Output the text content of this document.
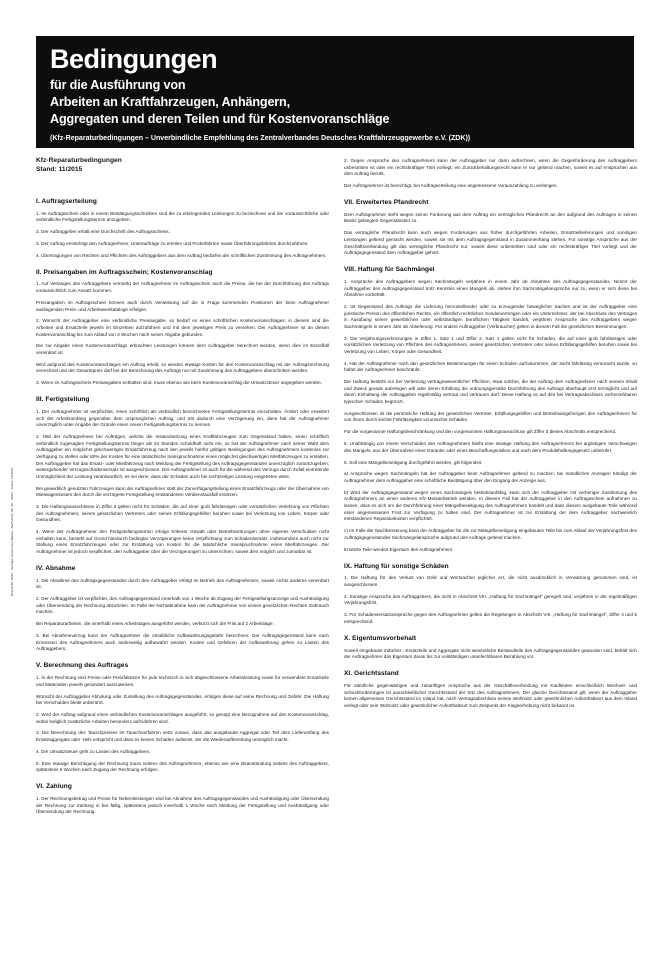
Bestell-Nr. 0084 · Springer Automotive Media · Nachdruck (Bl. 20 · ZDK) · Stand: 12/2015
Bedingungen
für die Ausführung von
Arbeiten an Kraftfahrzeugen, Anhängern,
Aggregaten und deren Teilen und für Kostenvoranschläge
(Kfz-Reparaturbedingungen – Unverbindliche Empfehlung des Zentralverbandes Deutsches Kraftfahrzeuggewerbe e.V. (ZDK))
Kfz-Reparaturbedingungen
Stand: 11/2015
I. Auftragserteilung

1. Im Auftragsschein oder in einem Bestätigungsschreiben sind die zu erbringenden Leistungen zu bezeichnen und der voraussichtliche oder verbindliche Fertigstellungstermin anzugeben.

2. Der Auftraggeber erhält eine Durchschrift des Auftragsscheins.

3. Der Auftrag ermächtigt den Auftragnehmer, Unteraufträge zu erteilen und Probefahrten sowie Überführungsfahrten durchzuführen.

4. Übertragungen von Rechten und Pflichten des Auftraggebers aus dem Auftrag bedürfen der schriftlichen Zustimmung des Auftragnehmers.

II. Preisangaben im Auftragsschein; Kostenvoranschlag

1. Auf Verlangen des Auftraggebers vermerkt der Auftragnehmer im Auftragsschein auch die Preise, die bei der Durchführung des Auftrags voraussichtlich zum Ansatz kommen.

Preisangaben im Auftragsschein können auch durch Verweisung auf die in Frage kommenden Positionen der beim Auftragnehmer ausliegenden Preis- und Arbeitswertkataloge erfolgen.

2. Wünscht der Auftraggeber eine verbindliche Preisangabe, so bedarf es eines schriftlichen Kostenvoranschlages; in diesem sind die Arbeiten und Ersatzteile jeweils im Einzelnen aufzuführen und mit dem jeweiligen Preis zu versehen. Der Auftragnehmer ist an diesen Kostenvoranschlag bis zum Ablauf von 3 Wochen nach seiner Abgabe gebunden.

Die zur Abgabe eines Kostenvoranschlags erbrachten Leistungen können dem Auftraggeber berechnet werden, wenn dies im Einzelfall vereinbart ist.

Wird aufgrund des Kostenvoranschlages ein Auftrag erteilt, so werden etwaige Kosten für den Kostenvoranschlag mit der Auftragsrechnung verrechnet und der Gesamtpreis darf bei der Berechnung des Auftrags nur mit Zustimmung des Auftraggebers überschritten werden.

3. Wenn im Auftragsschein Preisangaben enthalten sind, muss ebenso wie beim Kostenvoranschlag die Umsatzsteuer angegeben werden.

III. Fertigstellung

1. Der Auftragnehmer ist verpflichtet, einen schriftlich als verbindlich bezeichneten Fertigstellungstermin einzuhalten. Ändert oder erweitert sich der Arbeitsumfang gegenüber dem ursprünglichen Auftrag, und tritt dadurch eine Verzögerung ein, dann hat der Auftragnehmer unverzüglich unter Angabe der Gründe einen neuen Fertigstellungstermin zu nennen.

2. Hält der Auftragnehmer bei Aufträgen, welche die Instandsetzung eines Kraftfahrzeuges zum Gegenstand haben, einen schriftlich verbindlich zugesagten Fertigstellungstermin länger als 24 Stunden schuldhaft nicht ein, so hat der Auftragnehmer nach seiner Wahl dem Auftraggeber ein möglichst gleichwertiges Ersatzfahrzeug nach den jeweils hierfür gültigen Bedingungen des Auftragnehmers kostenlos zur Verfügung zu stellen oder 80% der Kosten für eine tatsächliche Inanspruchnahme eines möglichst gleichwertigen Mietfahrzeuges zu erstatten. Der Auftraggeber hat das Ersatz- oder Mietfahrzeug nach Meldung der Fertigstellung des Auftragsgegenstandes unverzüglich zurückzugeben; weitergehender Verzugsschadensersatz ist ausgeschlossen. Der Auftragnehmer ist auch für die während des Verzugs durch Zufall eintretende Unmöglichkeit der Leistung verantwortlich, es sei denn, dass der Schaden auch bei rechtzeitiger Leistung eingetreten wäre.

Bei gewerblich genutzten Fahrzeugen kann der Auftragnehmer statt der Zurverfügungstellung eines Ersatzfahrzeugs oder der Übernahme von Mietwagenkosten den durch die verzögerte Fertigstellung entstandenen Verdienstausfall ersetzen.

3. Die Haftungsausschlüsse in Ziffer 2 gelten nicht für Schäden, die auf einer grob fahrlässigen oder vorsätzlichen Verletzung von Pflichten des Auftragnehmers, seines gesetzlichen Vertreters oder seines Erfüllungsgehilfen beruhen sowie bei Verletzung von Leben, Körper oder Gesundheit.

4. Wenn der Auftragnehmer den Fertigstellungstermin infolge höherer Gewalt oder Betriebsstörungen ohne eigenes Verschulden nicht einhalten kann, besteht auf Grund hierdurch bedingter Verzögerungen keine Verpflichtung zum Schadensersatz, insbesondere auch nicht zur Stellung eines Ersatzfahrzeuges oder zur Erstattung von Kosten für die tatsächliche Inanspruchnahme eines Mietfahrzeuges. Der Auftragnehmer ist jedoch verpflichtet, den Auftraggeber über die Verzögerungen zu unterrichten, soweit dies möglich und zumutbar ist.

IV. Abnahme

1. Die Abnahme des Auftragsgegenstandes durch den Auftraggeber erfolgt im Betrieb des Auftragnehmers, soweit nichts anderes vereinbart ist.

2. Der Auftraggeber ist verpflichtet, den Auftragsgegenstand innerhalb von 1 Woche ab Zugang der Fertigstellungsanzeige und Aushändigung oder Übersendung der Rechnung abzuholen. Im Falle der Nichtabnahme kann der Auftragnehmer von seinen gesetzlichen Rechten Gebrauch machen.

Bei Reparaturarbeiten, die innerhalb eines Arbeitstages ausgeführt werden, verkürzt sich die Frist auf 2 Arbeitstage.

3. Bei Abnahmeverzug kann der Auftragnehmer die ortsübliche Aufbewahrungsgebühr berechnen. Der Auftragsgegenstand kann nach Ermessen des Auftragnehmers auch anderweitig aufbewahrt werden. Kosten und Gefahren der Aufbewahrung gehen zu Lasten des Auftraggebers.

V. Berechnung des Auftrages

1. In der Rechnung sind Preise oder Preisfaktoren für jede technisch in sich abgeschlossene Arbeitsleistung sowie für verwendete Ersatzteile und Materialien jeweils gesondert auszuweisen.

Wünscht der Auftraggeber Abholung oder Zustellung des Auftragsgegenstandes, erfolgen diese auf seine Rechnung und Gefahr. Die Haftung bei Verschulden bleibt unberührt.

2. Wird der Auftrag aufgrund eines verbindlichen Kostenvoranschlages ausgeführt, so genügt eine Bezugnahme auf den Kostenvoranschlag, wobei lediglich zusätzliche Arbeiten besonders aufzuführen sind.

3. Die Berechnung des Tauschpreises im Tauschverfahren setzt voraus, dass das ausgebaute Aggregat oder Teil dem Lieferumfang des Ersatzaggregats oder -teils entspricht und dass es keinen Schaden aufweist, der die Wiederaufbereitung unmöglich macht.

4. Die Umsatzsteuer geht zu Lasten des Auftraggebers.

5. Eine etwaige Berichtigung der Rechnung muss seitens des Auftragnehmers, ebenso wie eine Beanstandung seitens des Auftraggebers, spätestens 6 Wochen nach Zugang der Rechnung erfolgen.

VI. Zahlung

1. Der Rechnungsbetrag und Preise für Nebenleistungen sind bei Abnahme des Auftragsgegenstandes und Aushändigung oder Übersendung der Rechnung zur Zahlung in bar fällig, spätestens jedoch innerhalb 1 Woche nach Meldung der Fertigstellung und Aushändigung oder Übersendung der Rechnung.

2. Gegen Ansprüche des Auftragnehmers kann der Auftraggeber nur dann aufrechnen, wenn die Gegenforderung des Auftraggebers unbestritten ist oder ein rechtskräftiger Titel vorliegt; ein Zurückbehaltungsrecht kann er nur geltend machen, soweit es auf Ansprüchen aus dem Auftrag beruht.

Der Auftragnehmer ist berechtigt, bei Auftragserteilung eine angemessene Vorauszahlung zu verlangen.

VII. Erweitertes Pfandrecht

Dem Auftragnehmer steht wegen seiner Forderung aus dem Auftrag ein vertragliches Pfandrecht an den aufgrund des Auftrages in seinen Besitz gelangten Gegenständen zu.

Das vertragliche Pfandrecht kann auch wegen Forderungen aus früher durchgeführten Arbeiten, Ersatzteillieferungen und sonstigen Leistungen geltend gemacht werden, soweit sie mit dem Auftragsgegenstand in Zusammenhang stehen. Für sonstige Ansprüche aus der Geschäftsverbindung gilt das vertragliche Pfandrecht nur, soweit diese unbestritten sind oder ein rechtskräftiger Titel vorliegt und der Auftragsgegenstand dem Auftraggeber gehört.

VIII. Haftung für Sachmängel

1. Ansprüche des Auftraggebers wegen Sachmängeln verjähren in einem Jahr ab Abnahme des Auftragsgegenstandes. Nimmt der Auftraggeber den Auftragsgegenstand trotz Kenntnis eines Mangels ab, stehen ihm Sachmängelansprüche nur zu, wenn er sich diese bei Abnahme vorbehält.

2. Ist Gegenstand des Auftrags die Lieferung herzustellender oder zu erzeugender beweglicher Sachen und ist der Auftraggeber eine juristische Person des öffentlichen Rechts, ein öffentlich-rechtliches Sondervermögen oder ein Unternehmer, der bei Abschluss des Vertrages in Ausübung seiner gewerblichen oder selbständigen beruflichen Tätigkeit handelt, verjähren Ansprüche des Auftraggebers wegen Sachmängeln in einem Jahr ab Ablieferung. Für andere Auftraggeber (Verbraucher) gelten in diesem Fall die gesetzlichen Bestimmungen.

3. Die Verjährungsverkürzungen in Ziffer 1, Satz 1 und Ziffer 2, Satz 1 gelten nicht für Schäden, die auf einer grob fahrlässigen oder vorsätzlichen Verletzung von Pflichten des Auftragnehmers, seines gesetzlichen Vertreters oder seines Erfüllungsgehilfen beruhen sowie bei Verletzung von Leben, Körper oder Gesundheit.

4. Hat der Auftragnehmer nach den gesetzlichen Bestimmungen für einen Schaden aufzukommen, der leicht fahrlässig verursacht wurde, so haftet der Auftragnehmer beschränkt.

Die Haftung besteht nur bei Verletzung vertragswesentlicher Pflichten, etwa solcher, die der Auftrag dem Auftragnehmer nach seinem Inhalt und Zweck gerade auferlegen will oder deren Erfüllung die ordnungsgemäße Durchführung des Auftrags überhaupt erst ermöglicht und auf deren Einhaltung der Auftraggeber regelmäßig vertraut und vertrauen darf. Diese Haftung ist auf den bei Vertragsabschluss vorhersehbaren typischen Schaden begrenzt.

Ausgeschlossen ist die persönliche Haftung der gesetzlichen Vertreter, Erfüllungsgehilfen und Betriebsangehörigen des Auftragnehmers für von ihnen durch leichte Fahrlässigkeit verursachte Schäden.

Für die vorgenannte Haftungsbeschränkung und den vorgenannten Haftungsausschluss gilt Ziffer 3 dieses Abschnitts entsprechend.

5. Unabhängig von einem Verschulden des Auftragnehmers bleibt eine etwaige Haftung des Auftragnehmers bei arglistigem Verschweigen des Mangels, aus der Übernahme einer Garantie oder eines Beschaffungsrisikos und nach dem Produkthaftungsgesetz unberührt.

6. Soll eine Mängelbeseitigung durchgeführt werden, gilt folgendes:

a) Ansprüche wegen Sachmängeln hat der Auftraggeber beim Auftragnehmer geltend zu machen; bei mündlichen Anzeigen händigt der Auftragnehmer dem Auftraggeber eine schriftliche Bestätigung über den Eingang der Anzeige aus.

b) Wird der Auftragsgegenstand wegen eines Sachmangels betriebsunfähig, kann sich der Auftraggeber mit vorheriger Zustimmung des Auftragnehmers an einen anderen Kfz-Meisterbetrieb wenden. In diesem Fall hat der Auftraggeber in den Auftragsschein aufnehmen zu lassen, dass es sich um die Durchführung einer Mängelbeseitigung des Auftragnehmers handelt und dass diesem ausgebaute Teile während einer angemessenen Frist zur Verfügung zu halten sind. Der Auftragnehmer ist zur Erstattung der dem Auftraggeber nachweislich entstandenen Reparaturkosten verpflichtet.

c) Im Falle der Nachbesserung kann der Auftraggeber für die zur Mängelbeseitigung eingebauten Teile bis zum Ablauf der Verjährungsfrist des Auftragsgegenstandes Sachmängelansprüche aufgrund des Auftrags geltend machen.

Ersetzte Teile werden Eigentum des Auftragnehmers.

IX. Haftung für sonstige Schäden

1. Die Haftung für den Verlust von Geld und Wertsachen jeglicher Art, die nicht ausdrücklich in Verwahrung genommen sind, ist ausgeschlossen.

2. Sonstige Ansprüche des Auftraggebers, die nicht in Abschnitt VIII. „Haftung für Sachmängel“ geregelt sind, verjähren in der regelmäßigen Verjährungsfrist.

3. Für Schadensersatzansprüche gegen den Auftragnehmer gelten die Regelungen in Abschnitt VIII. „Haftung für Sachmängel“, Ziffer 4 und 5 entsprechend.

X. Eigentumsvorbehalt

Soweit eingebaute Zubehör-, Ersatzteile und Aggregate nicht wesentliche Bestandteile des Auftragsgegenstandes geworden sind, behält sich der Auftragnehmer das Eigentum daran bis zur vollständigen unanfechtbaren Bezahlung vor.

XI. Gerichtsstand

Für sämtliche gegenwärtigen und zukünftigen Ansprüche aus der Geschäftsverbindung mit Kaufleuten einschließlich Wechsel- und Scheckforderungen ist ausschließlicher Gerichtsstand der Sitz des Auftragnehmers. Der gleiche Gerichtsstand gilt, wenn der Auftraggeber keinen allgemeinen Gerichtsstand im Inland hat, nach Vertragsabschluss seinen Wohnsitz oder gewöhnlichen Aufenthaltsort aus dem Inland verlegt oder sein Wohnsitz oder gewöhnlicher Aufenthaltsort zum Zeitpunkt der Klageerhebung nicht bekannt ist.
